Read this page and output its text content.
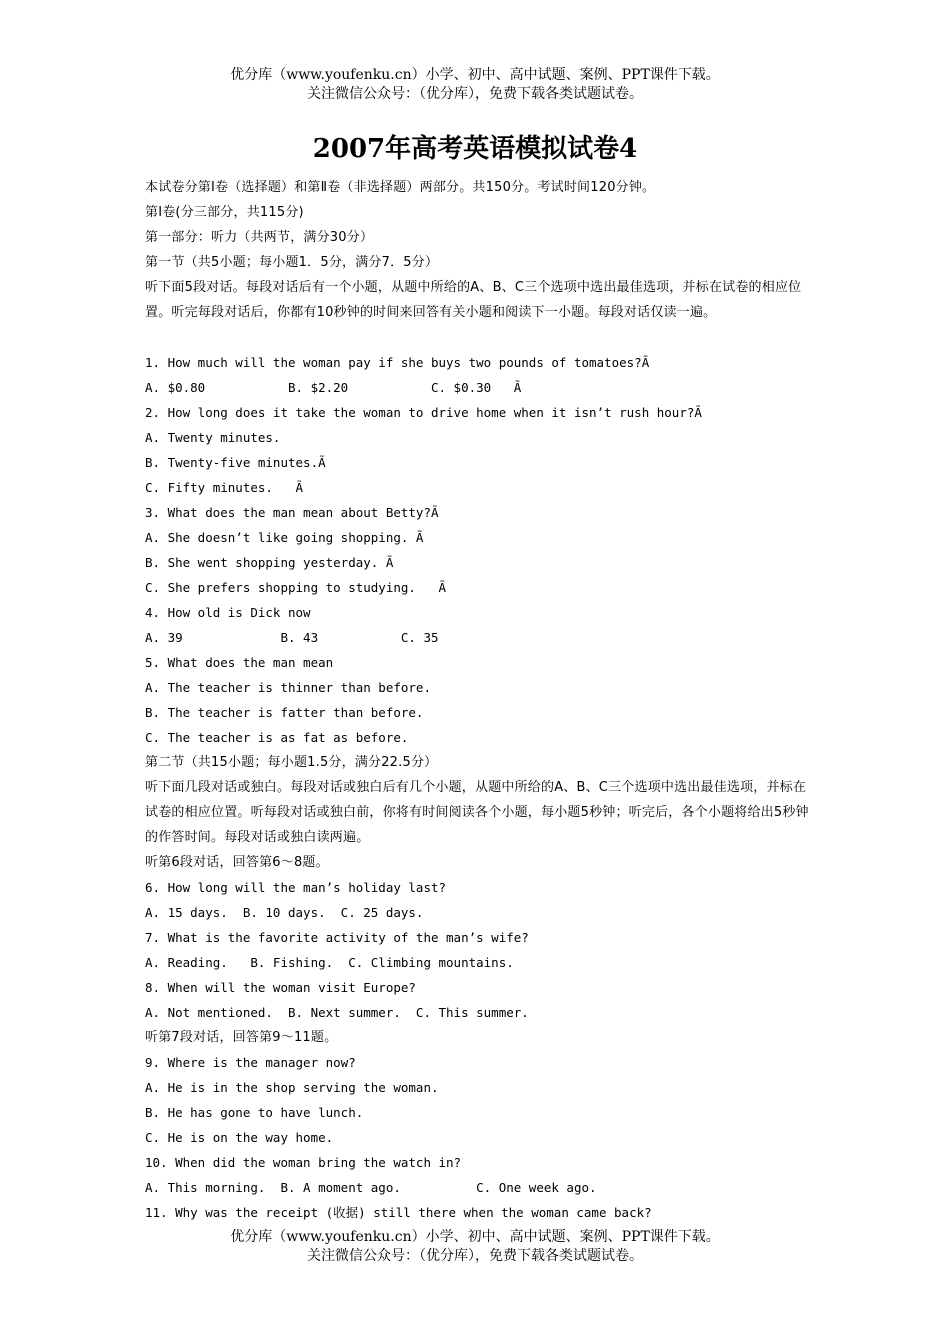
优分库（www.youfenku.cn）小学、初中、高中试题、案例、PPT课件下载。
关注微信公众号：（优分库），免费下载各类试题试卷。
2007年高考英语模拟试卷4
本试卷分第Ⅰ卷（选择题）和第Ⅱ卷（非选择题）两部分。共150分。考试时间120分钟。
第Ⅰ卷(分三部分，共115分)
第一部分：听力（共两节，满分30分）
第一节（共5小题；每小题1．5分，满分7．5分）
听下面5段对话。每段对话后有一个小题，从题中所给的A、B、C三个选项中选出最佳选项，并标在试卷的相应位置。听完每段对话后，你都有10秒钟的时间来回答有关小题和阅读下一小题。每段对话仅读一遍。
1. How much will the woman pay if she buys two pounds of tomatoes?Ã
A. $0.80           B. $2.20           C. $0.30   Ã
2. How long does it take the woman to drive home when it isn’t rush hour?Ã
A. Twenty minutes.
B. Twenty-five minutes.Ã
C. Fifty minutes.   Ã
3. What does the man mean about Betty?Ã
A. She doesn’t like going shopping. Ã
B. She went shopping yesterday. Ã
C. She prefers shopping to studying.   Ã
4. How old is Dick now
A. 39             B. 43           C. 35
5. What does the man mean
A. The teacher is thinner than before.
B. The teacher is fatter than before.
C. The teacher is as fat as before.
第二节（共15小题；每小题1.5分，满分22.5分）
听下面几段对话或独白。每段对话或独白后有几个小题，从题中所给的A、B、C三个选项中选出最佳选项，并标在试卷的相应位置。听每段对话或独白前，你将有时间阅读各个小题，每小题5秒钟；听完后，各个小题将给出5秒钟的作答时间。每段对话或独白读两遍。
听第6段对话，回答第6～8题。
6. How long will the man’s holiday last?
A. 15 days.  B. 10 days.  C. 25 days.
7. What is the favorite activity of the man’s wife?
A. Reading.   B. Fishing.  C. Climbing mountains.
8. When will the woman visit Europe?
A. Not mentioned.  B. Next summer.  C. This summer.
听第7段对话，回答第9～11题。
9. Where is the manager now?
A. He is in the shop serving the woman.
B. He has gone to have lunch.
C. He is on the way home.
10. When did the woman bring the watch in?
A. This morning.  B. A moment ago.          C. One week ago.
11. Why was the receipt (收据) still there when the woman came back?
优分库（www.youfenku.cn）小学、初中、高中试题、案例、PPT课件下载。
关注微信公众号：（优分库），免费下载各类试题试卷。
